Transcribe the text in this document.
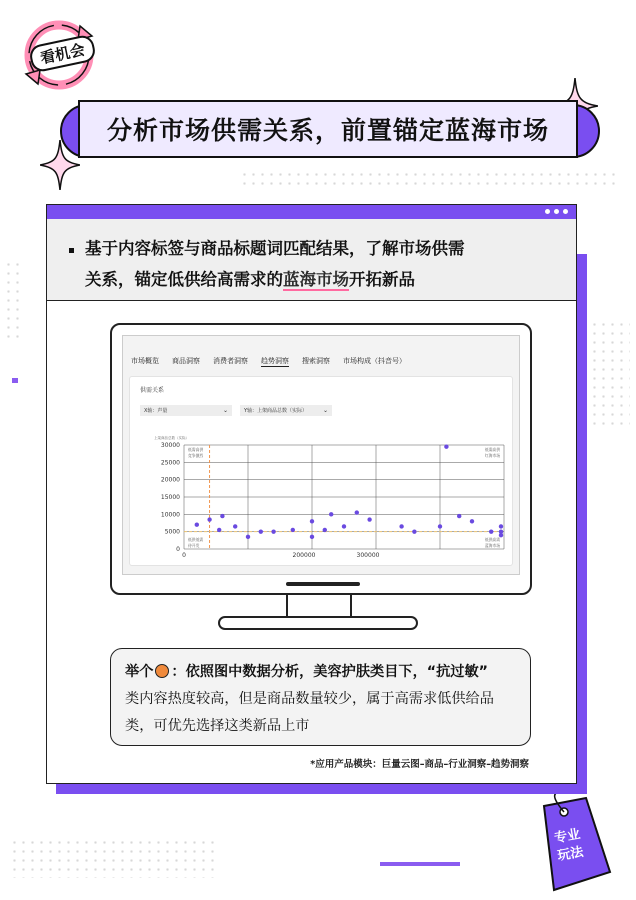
看机会
分析市场供需关系，前置锚定蓝海市场
基于内容标签与商品标题词匹配结果，了解市场供需
关系，锚定低供给高需求的蓝海市场开拓新品
市场概览 商品洞察 消费者洞察 趋势洞察 搜索洞察 市场构成（抖音号）
供需关系
X轴：声量	⌄	Y轴：上架商品总数（实际）	⌄
上架商品总数（实际）
30000
25000
20000
15000
10000
5000
0
0	200000	300000
低需高供
竞争激烈
低需高供
红海市场
低供低需
待开发
低供高需
蓝海市场
举个 ：依照图中数据分析，美容护肤类目下，“抗过敏”
类内容热度较高，但是商品数量较少，属于高需求低供给品
类，可优先选择这类新品上市
*应用产品模块：巨量云图–商品–行业洞察–趋势洞察
专业
玩法
